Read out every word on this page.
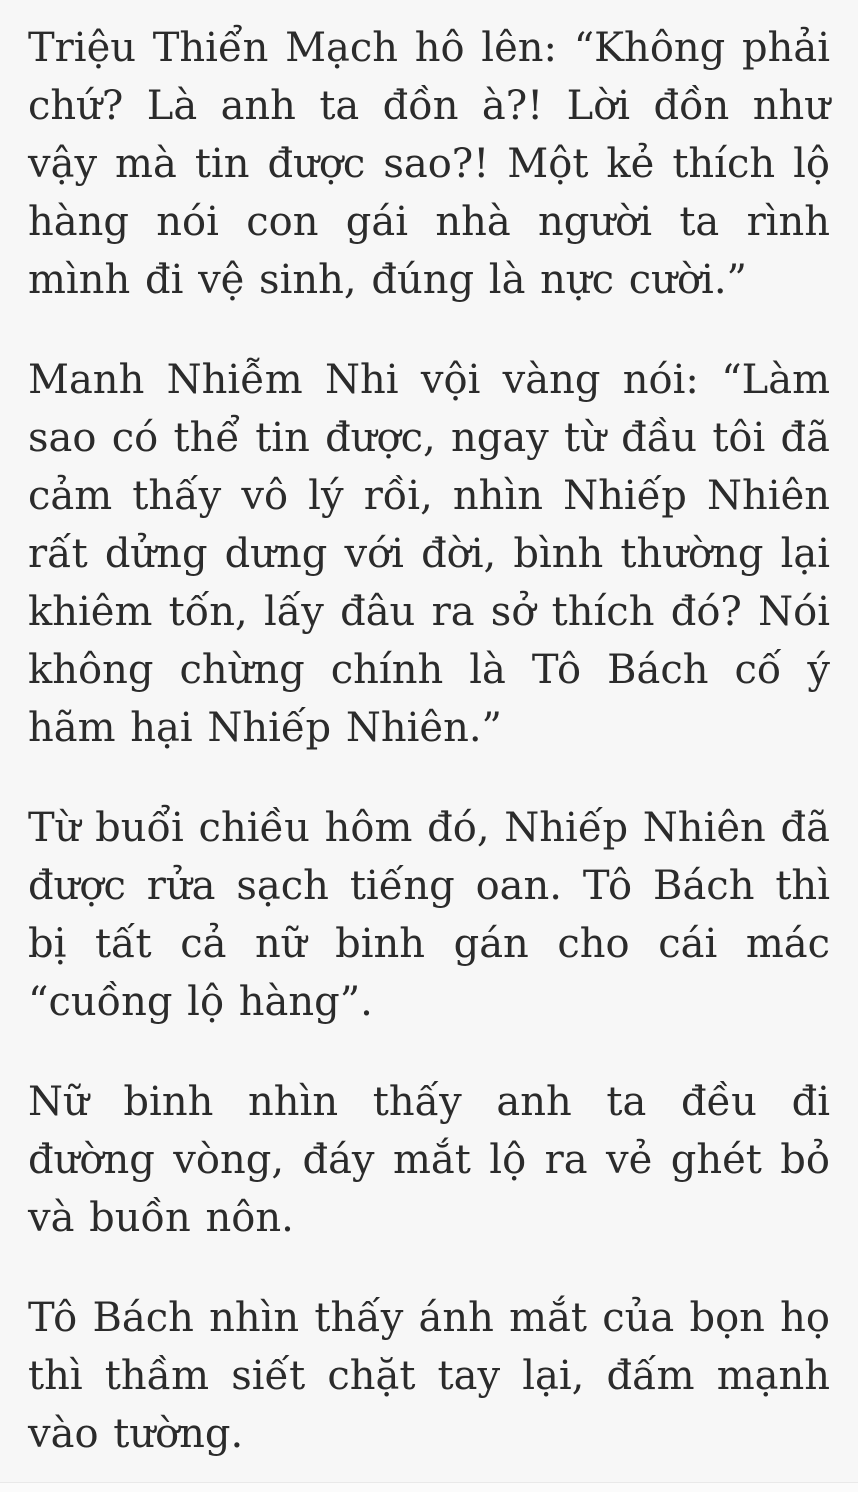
Triệu Thiển Mạch hô lên: “Không phải chứ? Là anh ta đồn à?! Lời đồn như vậy mà tin được sao?! Một kẻ thích lộ hàng nói con gái nhà người ta rình mình đi vệ sinh, đúng là nực cười.”

Manh Nhiễm Nhi vội vàng nói: “Làm sao có thể tin được, ngay từ đầu tôi đã cảm thấy vô lý rồi, nhìn Nhiếp Nhiên rất dửng dưng với đời, bình thường lại khiêm tốn, lấy đâu ra sở thích đó? Nói không chừng chính là Tô Bách cố ý hãm hại Nhiếp Nhiên.”

Từ buổi chiều hôm đó, Nhiếp Nhiên đã được rửa sạch tiếng oan. Tô Bách thì bị tất cả nữ binh gán cho cái mác “cuồng lộ hàng”.

Nữ binh nhìn thấy anh ta đều đi đường vòng, đáy mắt lộ ra vẻ ghét bỏ và buồn nôn.

Tô Bách nhìn thấy ánh mắt của bọn họ thì thầm siết chặt tay lại, đấm mạnh vào tường.
